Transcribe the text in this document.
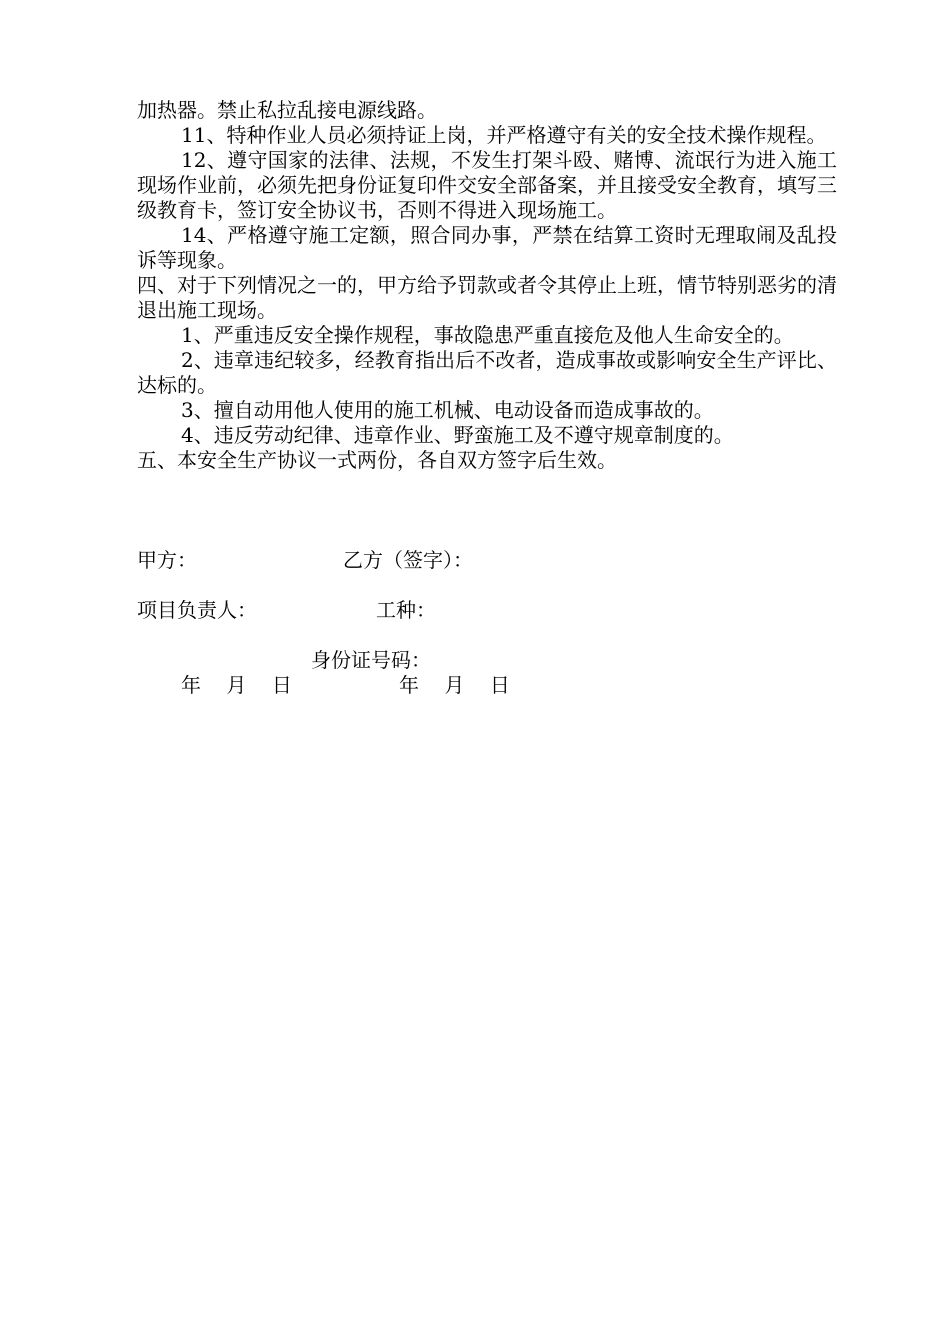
加热器。禁止私拉乱接电源线路。

11、特种作业人员必须持证上岗，并严格遵守有关的安全技术操作规程。

12、遵守国家的法律、法规，不发生打架斗殴、赌博、流氓行为进入施工现场作业前，必须先把身份证复印件交安全部备案，并且接受安全教育，填写三级教育卡，签订安全协议书，否则不得进入现场施工。

14、严格遵守施工定额，照合同办事，严禁在结算工资时无理取闹及乱投诉等现象。

四、对于下列情况之一的，甲方给予罚款或者令其停止上班，情节特别恶劣的清退出施工现场。

1、严重违反安全操作规程，事故隐患严重直接危及他人生命安全的。

2、违章违纪较多，经教育指出后不改者，造成事故或影响安全生产评比、达标的。

3、擅自动用他人使用的施工机械、电动设备而造成事故的。

4、违反劳动纪律、违章作业、野蛮施工及不遵守规章制度的。

五、本安全生产协议一式两份，各自双方签字后生效。

甲方：	乙方（签字）：
项目负责人：	工种：
身份证号码：
年    月    日	年    月    日
